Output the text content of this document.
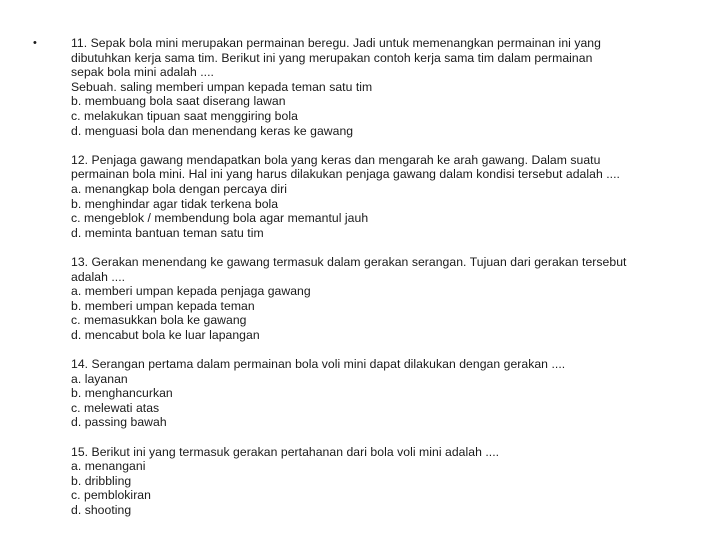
•	11. Sepak bola mini merupakan permainan beregu. Jadi untuk memenangkan permainan ini yang
dibutuhkan kerja sama tim. Berikut ini yang merupakan contoh kerja sama tim dalam permainan
sepak bola mini adalah ....
Sebuah. saling memberi umpan kepada teman satu tim
b. membuang bola saat diserang lawan
c. melakukan tipuan saat menggiring bola
d. menguasi bola dan menendang keras ke gawang
12. Penjaga gawang mendapatkan bola yang keras dan mengarah ke arah gawang. Dalam suatu
permainan bola mini. Hal ini yang harus dilakukan penjaga gawang dalam kondisi tersebut adalah ....
a. menangkap bola dengan percaya diri
b. menghindar agar tidak terkena bola
c. mengeblok / membendung bola agar memantul jauh
d. meminta bantuan teman satu tim
13. Gerakan menendang ke gawang termasuk dalam gerakan serangan. Tujuan dari gerakan tersebut
adalah ....
a. memberi umpan kepada penjaga gawang
b. memberi umpan kepada teman
c. memasukkan bola ke gawang
d. mencabut bola ke luar lapangan
14. Serangan pertama dalam permainan bola voli mini dapat dilakukan dengan gerakan ....
a. layanan
b. menghancurkan
c. melewati atas
d. passing bawah
15. Berikut ini yang termasuk gerakan pertahanan dari bola voli mini adalah ....
a. menangani
b. dribbling
c. pemblokiran
d. shooting
